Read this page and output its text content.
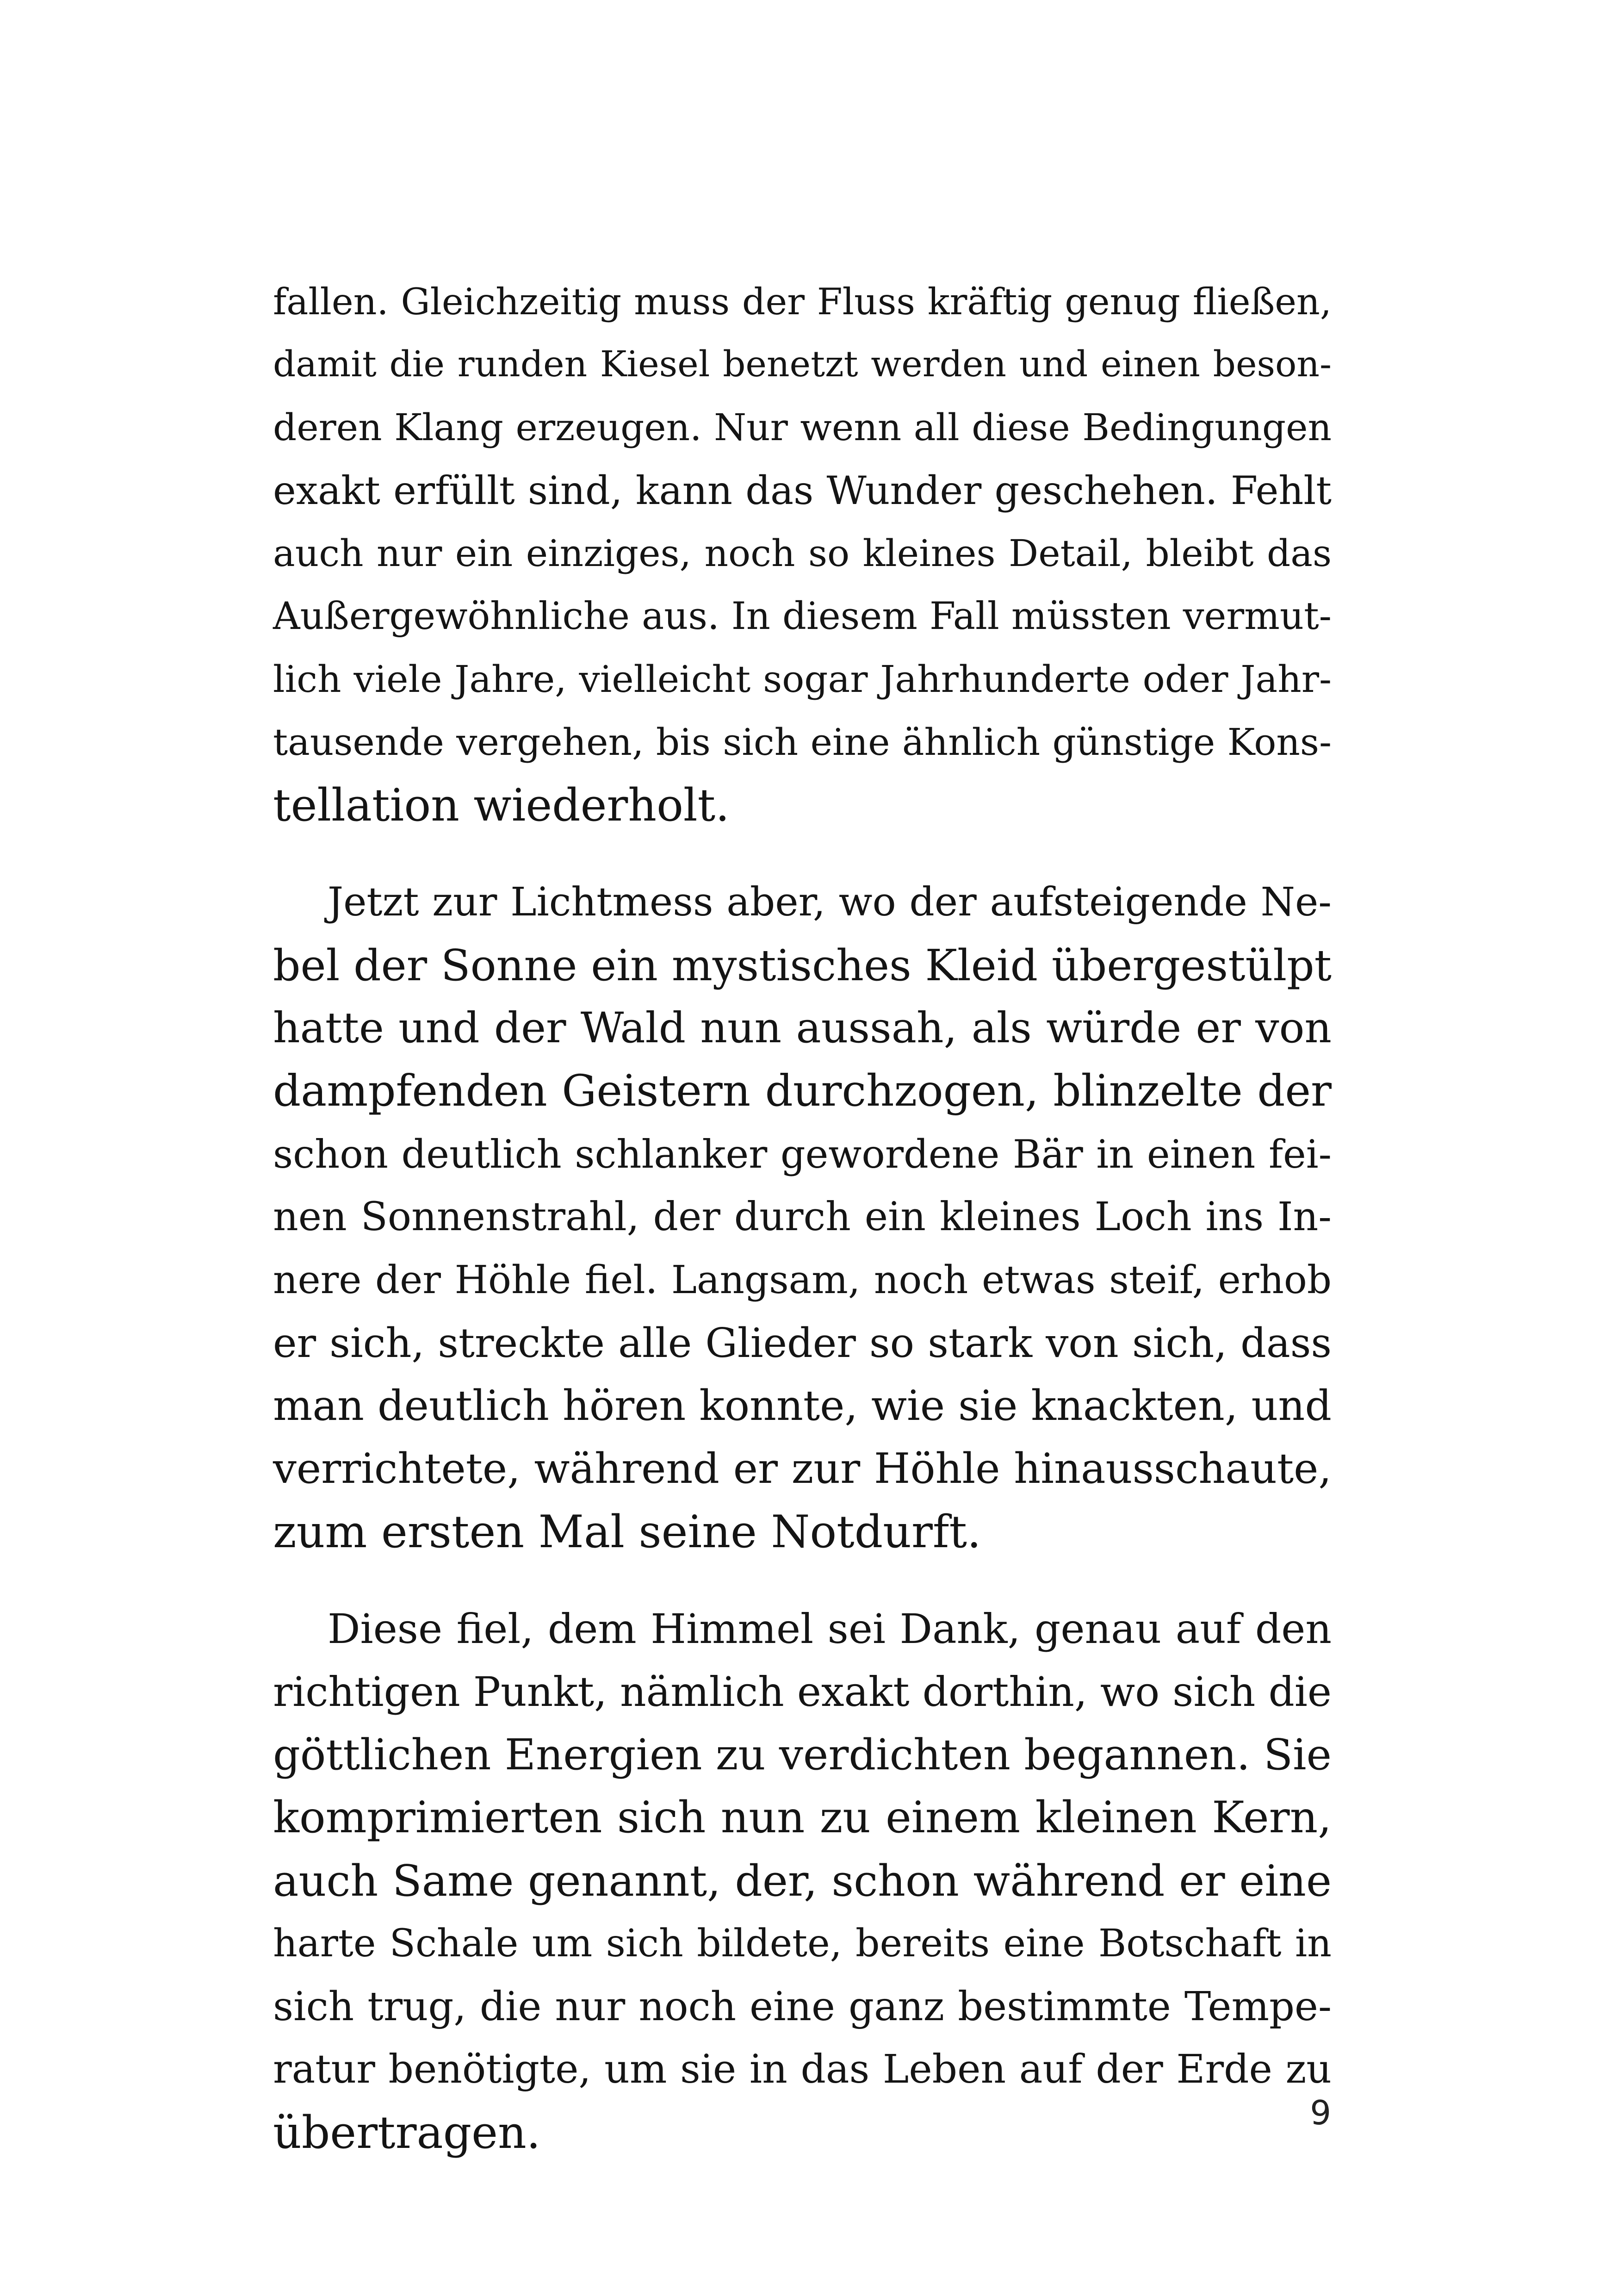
fallen. Gleichzeitig muss der Fluss kräftig genug fließen,
damit die runden Kiesel benetzt werden und einen beson-
deren Klang erzeugen. Nur wenn all diese Bedingungen
exakt erfüllt sind, kann das Wunder geschehen. Fehlt
auch nur ein einziges, noch so kleines Detail, bleibt das
Außergewöhnliche aus. In diesem Fall müssten vermut-
lich viele Jahre, vielleicht sogar Jahrhunderte oder Jahr-
tausende vergehen, bis sich eine ähnlich günstige Kons-
tellation wiederholt.
Jetzt zur Lichtmess aber, wo der aufsteigende Ne-
bel der Sonne ein mystisches Kleid übergestülpt
hatte und der Wald nun aussah, als würde er von
dampfenden Geistern durchzogen, blinzelte der
schon deutlich schlanker gewordene Bär in einen fei-
nen Sonnenstrahl, der durch ein kleines Loch ins In-
nere der Höhle fiel. Langsam, noch etwas steif, erhob
er sich, streckte alle Glieder so stark von sich, dass
man deutlich hören konnte, wie sie knackten, und
verrichtete, während er zur Höhle hinausschaute,
zum ersten Mal seine Notdurft.
Diese fiel, dem Himmel sei Dank, genau auf den
richtigen Punkt, nämlich exakt dorthin, wo sich die
göttlichen Energien zu verdichten begannen. Sie
komprimierten sich nun zu einem kleinen Kern,
auch Same genannt, der, schon während er eine
harte Schale um sich bildete, bereits eine Botschaft in
sich trug, die nur noch eine ganz bestimmte Tempe-
ratur benötigte, um sie in das Leben auf der Erde zu
übertragen.	9
